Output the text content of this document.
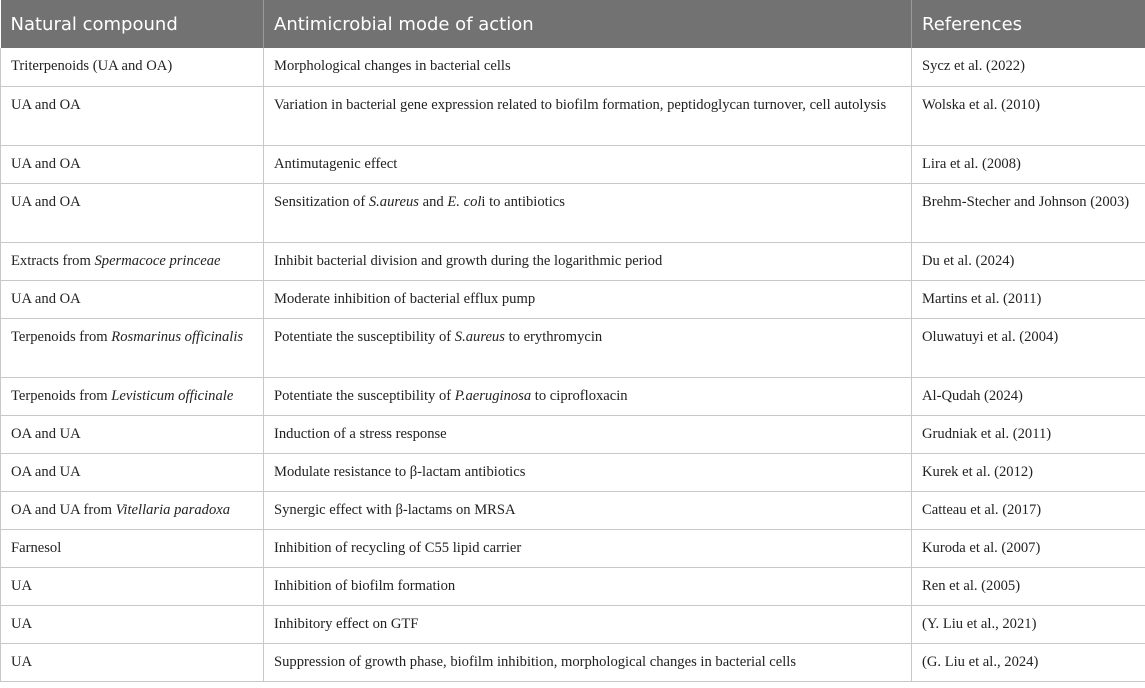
Natural compound	Antimicrobial mode of action	References
Triterpenoids (UA and OA)	Morphological changes in bacterial cells	Sycz et al. (2022)
UA and OA	Variation in bacterial gene expression related to biofilm formation, peptidoglycan turnover, cell autolysis	Wolska et al. (2010)
UA and OA	Antimutagenic effect	Lira et al. (2008)
UA and OA	Sensitization of S.aureus and E. coli to antibiotics	Brehm-Stecher and Johnson (2003)
Extracts from Spermacoce princeae	Inhibit bacterial division and growth during the logarithmic period	Du et al. (2024)
UA and OA	Moderate inhibition of bacterial efflux pump	Martins et al. (2011)
Terpenoids from Rosmarinus officinalis	Potentiate the susceptibility of S.aureus to erythromycin	Oluwatuyi et al. (2004)
Terpenoids from Levisticum officinale	Potentiate the susceptibility of P.aeruginosa to ciprofloxacin	Al-Qudah (2024)
OA and UA	Induction of a stress response	Grudniak et al. (2011)
OA and UA	Modulate resistance to β-lactam antibiotics	Kurek et al. (2012)
OA and UA from Vitellaria paradoxa	Synergic effect with β-lactams on MRSA	Catteau et al. (2017)
Farnesol	Inhibition of recycling of C55 lipid carrier	Kuroda et al. (2007)
UA	Inhibition of biofilm formation	Ren et al. (2005)
UA	Inhibitory effect on GTF	(Y. Liu et al., 2021)
UA	Suppression of growth phase, biofilm inhibition, morphological changes in bacterial cells	(G. Liu et al., 2024)
